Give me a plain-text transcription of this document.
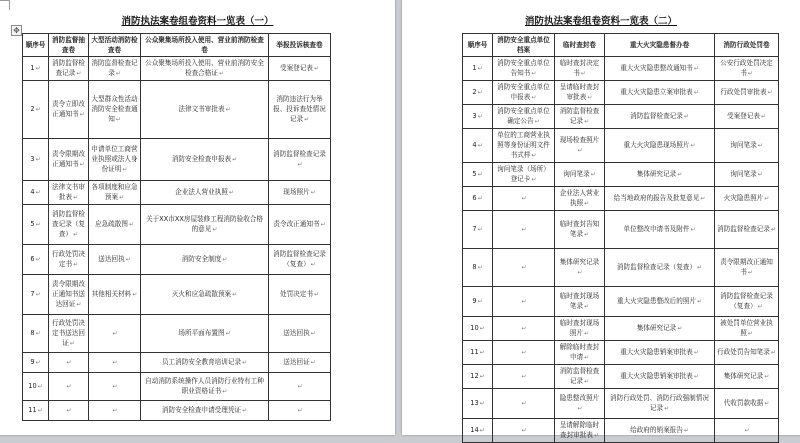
✥
消防执法案卷组卷资料一览表（一）
顺序号	消防监督抽查卷	大型活动消防检查卷	公众聚集场所投入使用、营业前消防检查卷	举报投诉核查卷
1↵	消防监督检查记录↵	消防监督检查记录↵	公众聚集场所投入使用、营业前消防安全检查合格证↵	受案登记表↵
2↵	责令立即改正通知书↵	大型群众性活动消防安全检查通知↵	法律文书审批表↵	消防违法行为举报、投诉查处情况记录↵
3↵	责令限期改正通知书↵	申请单位工商营业执照或法人身份证明↵	消防安全检查申报表↵	消防监督检查记录↵
4↵	法律文书审批表↵	各项制度和应急预案↵	企业法人营业执照↵	现场照片↵
5↵	消防监督检查记录（复查）↵	应急疏散图↵	关于XX市XX房屋装修工程消防验收合格的意见↵	责令改正通知书↵
6↵	行政处罚决定书↵	送达回执↵	消防安全制度↵	消防监督检查记录（复查）↵
7↵	责令限期改正通知书送达回证↵	其他相关材料↵	灭火和应急疏散预案↵	处罚决定书↵
8↵	行政处罚决定书送达回证↵	↵	场所平面布置图↵	送达回执↵
9↵	↵	↵	员工消防安全教育培训记录↵	送达回证↵
10↵	↵	↵	自动消防系统操作人员消防行业特有工种职业资格证书↵	↵
11↵	↵	↵	消防安全检查申请受理凭证↵	↵
消防执法案卷组卷资料一览表（二）
顺序号	消防安全重点单位档案	临时查封卷	重大火灾隐患督办卷	消防行政处罚卷
1↵	消防安全重点单位告知书↵	临时查封决定书↵	重大火灾隐患整改通知书↵	公安行政处罚决定书↵
2↵	消防安全重点单位申报表↵	呈请临时查封审批表↵	重大火灾隐患立案审批表↵	行政处罚审批表↵
3↵	消防安全重点单位确定公告↵	消防监督检查记录↵	消防监督检查记录↵	受案登记表↵
4↵	单位的工商营业执照等身份证明文件书式样↵	现场检查照片↵	重大火灾隐患现场照片↵	询问笔录↵
5↵	询问笔录（场所）登记卡↵	询问笔录↵	集体研究记录↵	询问笔录↵
6↵	↵	企业法人营业执照↵	给当地政府的报告及批复意见↵	火灾隐患照片↵
7↵	↵	临时查封告知笔录↵	单位整改申请书及附件↵	消防监督检查记录↵
8↵	↵	集体研究记录↵	消防监督检查记录（复查）↵	责令限期改正通知书↵
9↵	↵	临时查封现场笔录↵	重大火灾隐患整改后的照片↵	消防监督检查记录（复查）↵
10↵	↵	临时查封现场照片↵	集体研究记录↵	被处罚单位营业执照↵
11↵	↵	解除临时查封申请↵	重大火灾隐患销案审批表↵	行政处罚告知笔录↵
12↵	↵	消防监督检查记录↵	重大火灾隐患销案审批表↵	集体研究记录↵
13↵	↵	隐患整改照片↵	消防行政处罚、消防行政强制情况记录↵	代收罚款收据↵
14↵	↵	呈请解除临时查封审批表↵	给政府的销案报告↵	↵
